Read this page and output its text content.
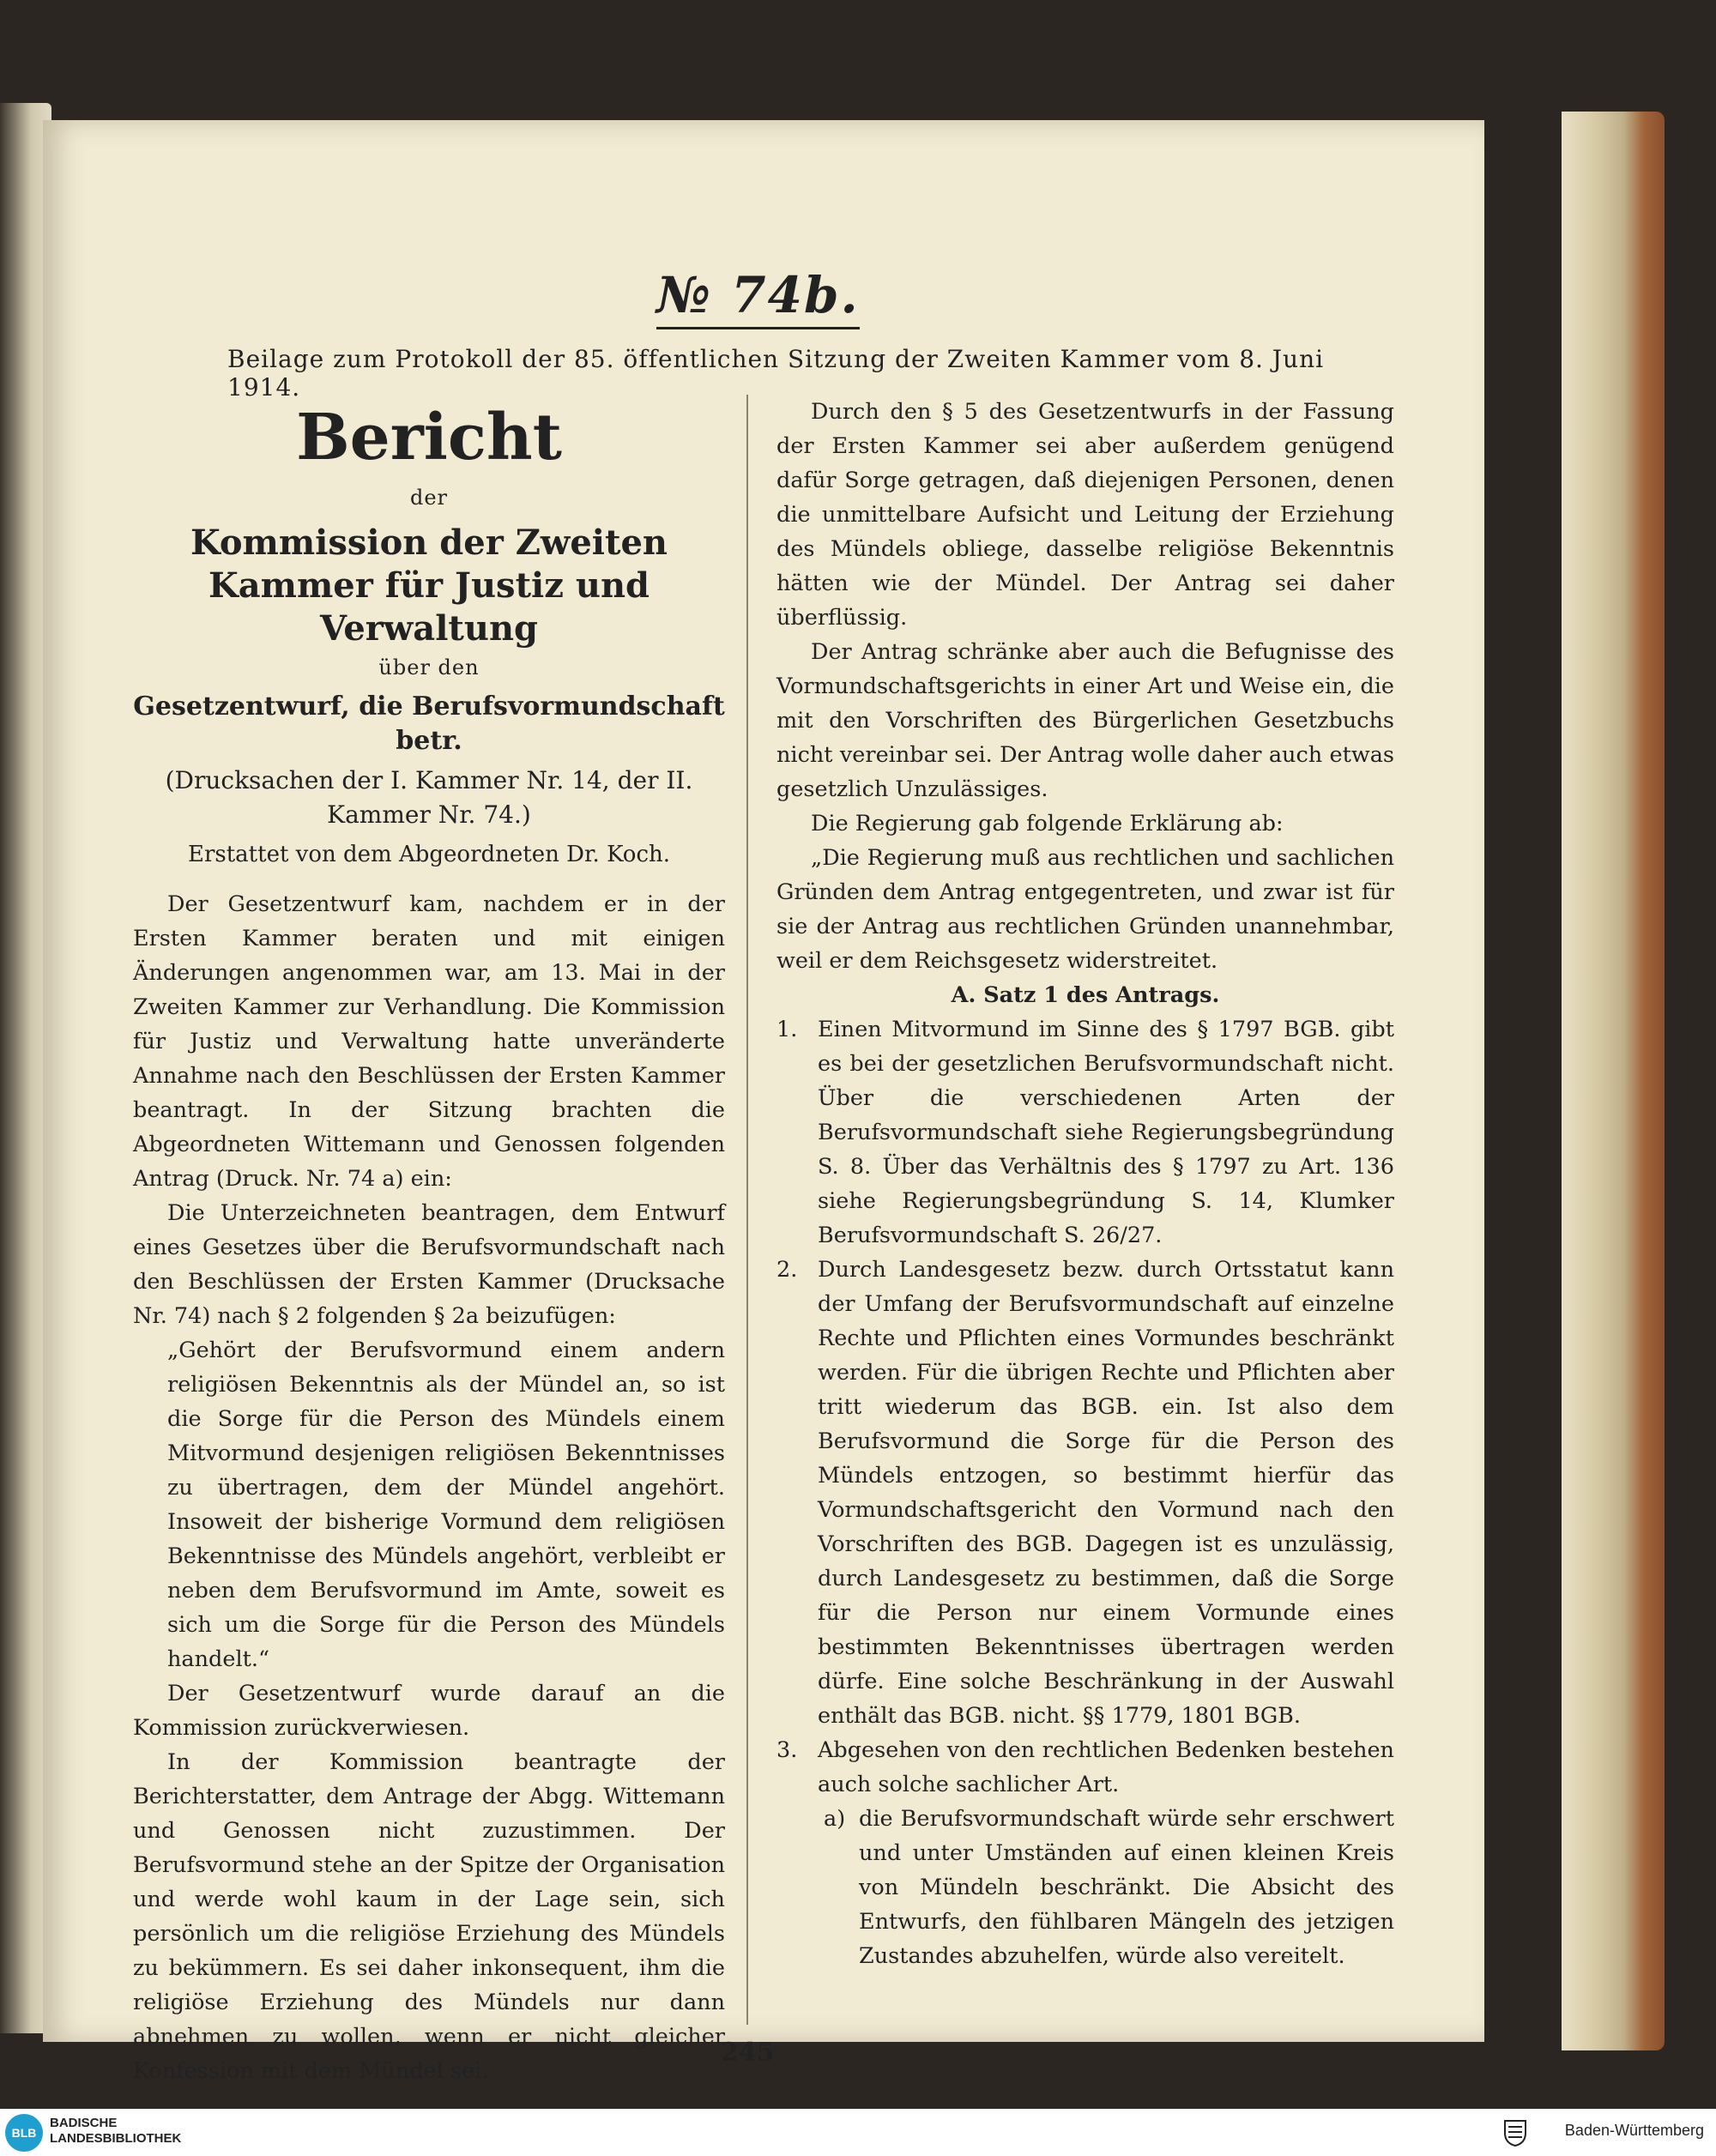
№ 74b.
Beilage zum Protokoll der 85. öffentlichen Sitzung der Zweiten Kammer vom 8. Juni 1914.
Bericht
der
Kommission der Zweiten Kammer für Justiz und Verwaltung
über den
Gesetzentwurf, die Berufsvormundschaft betr.
(Drucksachen der I. Kammer Nr. 14, der II. Kammer Nr. 74.)
Erstattet von dem Abgeordneten Dr. Koch.

Der Gesetzentwurf kam, nachdem er in der Ersten Kammer beraten und mit einigen Änderungen angenommen war, am 13. Mai in der Zweiten Kammer zur Verhandlung. Die Kommission für Justiz und Verwaltung hatte unveränderte Annahme nach den Beschlüssen der Ersten Kammer beantragt. In der Sitzung brachten die Abgeordneten Wittemann und Genossen folgenden Antrag (Druck. Nr. 74 a) ein:

Die Unterzeichneten beantragen, dem Entwurf eines Gesetzes über die Berufsvormundschaft nach den Beschlüssen der Ersten Kammer (Drucksache Nr. 74) nach § 2 folgenden § 2a beizufügen:

„Gehört der Berufsvormund einem andern religiösen Bekenntnis als der Mündel an, so ist die Sorge für die Person des Mündels einem Mitvormund desjenigen religiösen Bekenntnisses zu übertragen, dem der Mündel angehört. Insoweit der bisherige Vormund dem religiösen Bekenntnisse des Mündels angehört, verbleibt er neben dem Berufsvormund im Amte, soweit es sich um die Sorge für die Person des Mündels handelt.“

Der Gesetzentwurf wurde darauf an die Kommission zurückverwiesen.

In der Kommission beantragte der Berichterstatter, dem Antrage der Abgg. Wittemann und Genossen nicht zuzustimmen. Der Berufsvormund stehe an der Spitze der Organisation und werde wohl kaum in der Lage sein, sich persönlich um die religiöse Erziehung des Mündels zu bekümmern. Es sei daher inkonsequent, ihm die religiöse Erziehung des Mündels nur dann abnehmen zu wollen, wenn er nicht gleicher Konfession mit dem Mündel sei.

Durch den § 5 des Gesetzentwurfs in der Fassung der Ersten Kammer sei aber außerdem genügend dafür Sorge getragen, daß diejenigen Personen, denen die unmittelbare Aufsicht und Leitung der Erziehung des Mündels obliege, dasselbe religiöse Bekenntnis hätten wie der Mündel. Der Antrag sei daher überflüssig.

Der Antrag schränke aber auch die Befugnisse des Vormundschaftsgerichts in einer Art und Weise ein, die mit den Vorschriften des Bürgerlichen Gesetzbuchs nicht vereinbar sei. Der Antrag wolle daher auch etwas gesetzlich Unzulässiges.

Die Regierung gab folgende Erklärung ab:

„Die Regierung muß aus rechtlichen und sachlichen Gründen dem Antrag entgegentreten, und zwar ist für sie der Antrag aus rechtlichen Gründen unannehmbar, weil er dem Reichsgesetz widerstreitet.

A. Satz 1 des Antrags.

1. Einen Mitvormund im Sinne des § 1797 BGB. gibt es bei der gesetzlichen Berufsvormundschaft nicht. Über die verschiedenen Arten der Berufsvormundschaft siehe Regierungsbegründung S. 8. Über das Verhältnis des § 1797 zu Art. 136 siehe Regierungsbegründung S. 14, Klumker Berufsvormundschaft S. 26/27.
2. Durch Landesgesetz bezw. durch Ortsstatut kann der Umfang der Berufsvormundschaft auf einzelne Rechte und Pflichten eines Vormundes beschränkt werden. Für die übrigen Rechte und Pflichten aber tritt wiederum das BGB. ein. Ist also dem Berufsvormund die Sorge für die Person des Mündels entzogen, so bestimmt hierfür das Vormundschaftsgericht den Vormund nach den Vorschriften des BGB. Dagegen ist es unzulässig, durch Landesgesetz zu bestimmen, daß die Sorge für die Person nur einem Vormunde eines bestimmten Bekenntnisses übertragen werden dürfe. Eine solche Beschränkung in der Auswahl enthält das BGB. nicht. §§ 1779, 1801 BGB.
3. Abgesehen von den rechtlichen Bedenken bestehen auch solche sachlicher Art.
a) die Berufsvormundschaft würde sehr erschwert und unter Umständen auf einen kleinen Kreis von Mündeln beschränkt. Die Absicht des Entwurfs, den fühlbaren Mängeln des jetzigen Zustandes abzuhelfen, würde also vereitelt.
245
BLB
BADISCHE
LANDESBIBLIOTHEK	Baden-Württemberg
